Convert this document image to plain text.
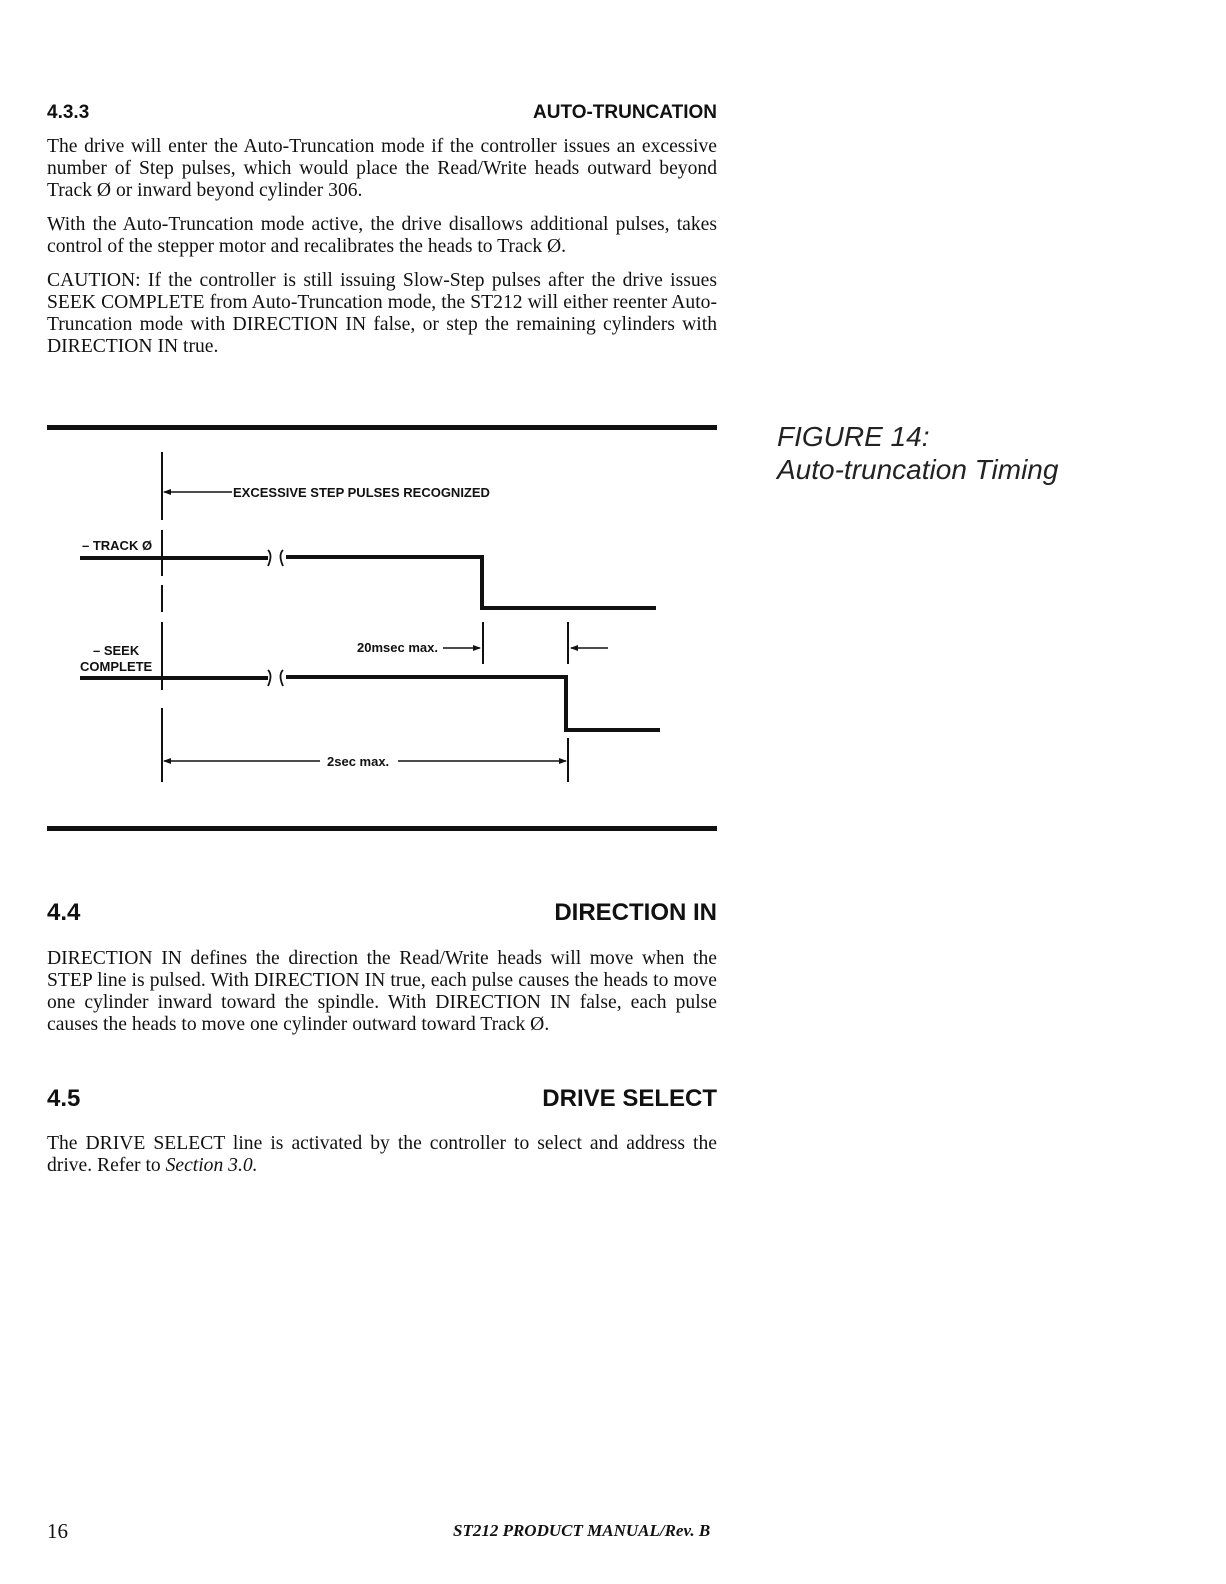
4.3.3	AUTO-TRUNCATION

The drive will enter the Auto-Truncation mode if the controller issues an excessive number of Step pulses, which would place the Read/Write heads outward beyond Track Ø or inward beyond cylinder 306.

With the Auto-Truncation mode active, the drive disallows additional pulses, takes control of the stepper motor and recalibrates the heads to Track Ø.

CAUTION: If the controller is still issuing Slow-Step pulses after the drive issues SEEK COMPLETE from Auto-Truncation mode, the ST212 will either reenter Auto-Truncation mode with DIRECTION IN false, or step the remaining cylinders with DIRECTION IN true.

FIGURE 14:
Auto-truncation Timing
EXCESSIVE STEP PULSES RECOGNIZED
– TRACK Ø
20msec max.
– SEEK
COMPLETE
2sec max.
4.4	DIRECTION IN

DIRECTION IN defines the direction the Read/Write heads will move when the STEP line is pulsed. With DIRECTION IN true, each pulse causes the heads to move one cylinder inward toward the spindle. With DIRECTION IN false, each pulse causes the heads to move one cylinder outward toward Track Ø.

4.5	DRIVE SELECT

The DRIVE SELECT line is activated by the controller to select and address the drive. Refer to Section 3.0.

16	ST212 PRODUCT MANUAL/Rev. B
